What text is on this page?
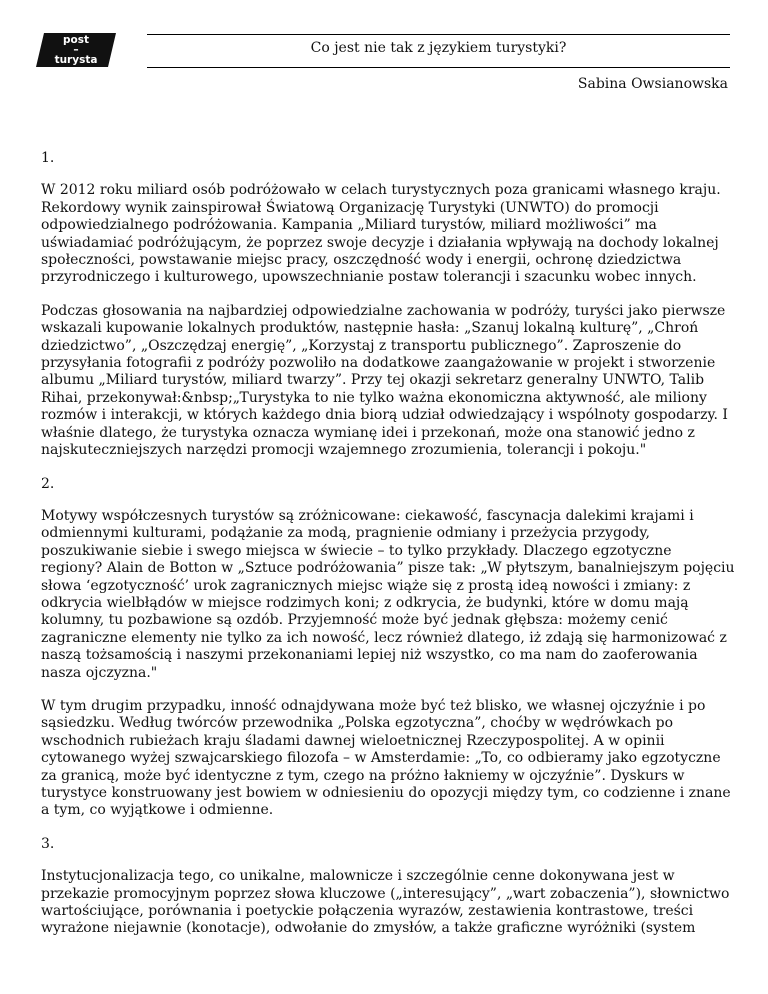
post
–
turysta
Co jest nie tak z językiem turystyki?
Sabina Owsianowska

1.

W 2012 roku miliard osób podróżowało w celach turystycznych poza granicami własnego kraju. Rekordowy wynik zainspirował Światową Organizację Turystyki (UNWTO) do promocji odpowiedzialnego podróżowania. Kampania „Miliard turystów, miliard możliwości” ma uświadamiać podróżującym, że poprzez swoje decyzje i działania wpływają na dochody lokalnej społeczności, powstawanie miejsc pracy, oszczędność wody i energii, ochronę dziedzictwa przyrodniczego i kulturowego, upowszechnianie postaw tolerancji i szacunku wobec innych.

Podczas głosowania na najbardziej odpowiedzialne zachowania w podróży, turyści jako pierwsze wskazali kupowanie lokalnych produktów, następnie hasła: „Szanuj lokalną kulturę”, „Chroń dziedzictwo”, „Oszczędzaj energię”, „Korzystaj z transportu publicznego”. Zaproszenie do przysyłania fotografii z podróży pozwoliło na dodatkowe zaangażowanie w projekt i stworzenie albumu „Miliard turystów, miliard twarzy”. Przy tej okazji sekretarz generalny UNWTO, Talib Rihai, przekonywał:&nbsp;„Turystyka to nie tylko ważna ekonomiczna aktywność, ale miliony rozmów i interakcji, w których każdego dnia biorą udział odwiedzający i wspólnoty gospodarzy. I właśnie dlatego, że turystyka oznacza wymianę idei i przekonań, może ona stanowić jedno z najskuteczniejszych narzędzi promocji wzajemnego zrozumienia, tolerancji i pokoju."

2.

Motywy współczesnych turystów są zróżnicowane: ciekawość, fascynacja dalekimi krajami i odmiennymi kulturami, podążanie za modą, pragnienie odmiany i przeżycia przygody, poszukiwanie siebie i swego miejsca w świecie – to tylko przykłady. Dlaczego egzotyczne regiony? Alain de Botton w „Sztuce podróżowania” pisze tak: „W płytszym, banalniejszym pojęciu słowa ‘egzotyczność’ urok zagranicznych miejsc wiąże się z prostą ideą nowości i zmiany: z odkrycia wielbłądów w miejsce rodzimych koni; z odkrycia, że budynki, które w domu mają kolumny, tu pozbawione są ozdób. Przyjemność może być jednak głębsza: możemy cenić zagraniczne elementy nie tylko za ich nowość, lecz również dlatego, iż zdają się harmonizować z naszą tożsamością i naszymi przekonaniami lepiej niż wszystko, co ma nam do zaoferowania nasza ojczyzna."

W tym drugim przypadku, inność odnajdywana może być też blisko, we własnej ojczyźnie i po sąsiedzku. Według twórców przewodnika „Polska egzotyczna”, choćby w wędrówkach po wschodnich rubieżach kraju śladami dawnej wieloetnicznej Rzeczypospolitej. A w opinii cytowanego wyżej szwajcarskiego filozofa – w Amsterdamie: „To, co odbieramy jako egzotyczne za granicą, może być identyczne z tym, czego na próżno łakniemy w ojczyźnie”. Dyskurs w turystyce konstruowany jest bowiem w odniesieniu do opozycji między tym, co codzienne i znane a tym, co wyjątkowe i odmienne.

3.

Instytucjonalizacja tego, co unikalne, malownicze i szczególnie cenne dokonywana jest w przekazie promocyjnym poprzez słowa kluczowe („interesujący”, „wart zobaczenia”), słownictwo wartościujące, porównania i poetyckie połączenia wyrazów, zestawienia kontrastowe, treści wyrażone niejawnie (konotacje), odwołanie do zmysłów, a także graficzne wyróżniki (system
